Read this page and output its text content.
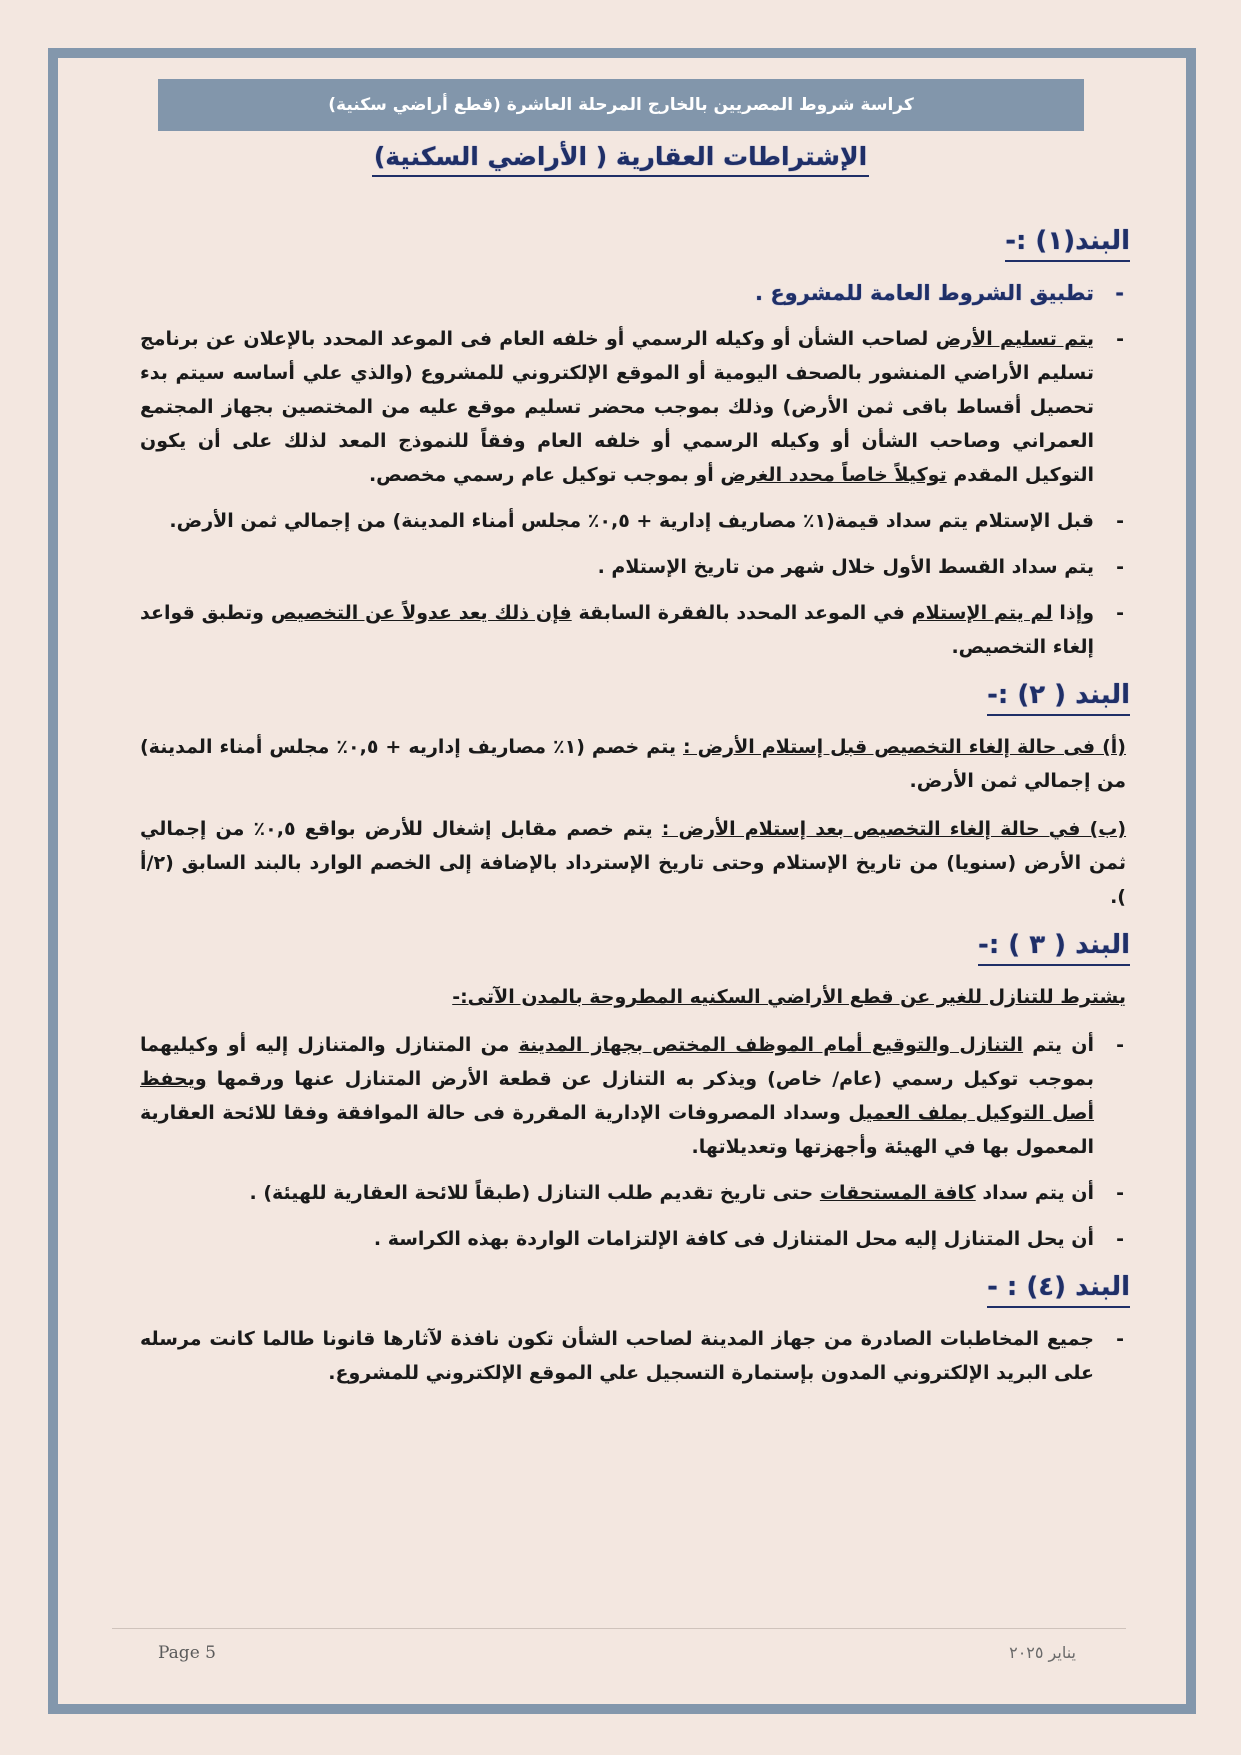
كراسة شروط المصريين بالخارج المرحلة العاشرة (قطع أراضي سكنية)
الإشتراطات العقارية ( الأراضي السكنية)
البند(١) :-
- تطبيق الشروط العامة للمشروع .
- يتم تسليم الأرض لصاحب الشأن أو وكيله الرسمي أو خلفه العام فى الموعد المحدد بالإعلان عن برنامج تسليم الأراضي المنشور بالصحف اليومية أو الموقع الإلكتروني للمشروع (والذي علي أساسه سيتم بدء تحصيل أقساط باقى ثمن الأرض) وذلك بموجب محضر تسليم موقع عليه من المختصين بجهاز المجتمع العمراني وصاحب الشأن أو وكيله الرسمي أو خلفه العام وفقاً للنموذج المعد لذلك على أن يكون التوكيل المقدم توكيلاً خاصاً محدد الغرض أو بموجب توكيل عام رسمي مخصص.
- قبل الإستلام يتم سداد قيمة(١٪ مصاريف إدارية + ٠,٥٪ مجلس أمناء المدينة) من إجمالي ثمن الأرض.
- يتم سداد القسط الأول خلال شهر من تاريخ الإستلام .
- وإذا لم يتم الإستلام في الموعد المحدد بالفقرة السابقة فإن ذلك يعد عدولاً عن التخصيص وتطبق قواعد إلغاء التخصيص.
البند ( ٢) :-
(أ) فى حالة إلغاء التخصيص قبل إستلام الأرض : يتم خصم (١٪ مصاريف إداريه + ٠,٥٪ مجلس أمناء المدينة) من إجمالي ثمن الأرض.
(ب) في حالة إلغاء التخصيص بعد إستلام الأرض : يتم خصم مقابل إشغال للأرض بواقع ٠,٥٪ من إجمالي ثمن الأرض (سنويا) من تاريخ الإستلام وحتى تاريخ الإسترداد بالإضافة إلى الخصم الوارد بالبند السابق (٢/أ ).
البند ( ٣ ) :-
يشترط للتنازل للغير عن قطع الأراضي السكنيه المطروحة بالمدن الآتى:-
- أن يتم التنازل والتوقيع أمام الموظف المختص بجهاز المدينة من المتنازل والمتنازل إليه أو وكيليهما بموجب توكيل رسمي (عام/ خاص) ويذكر به التنازل عن قطعة الأرض المتنازل عنها ورقمها ويحفظ أصل التوكيل بملف العميل وسداد المصروفات الإدارية المقررة فى حالة الموافقة وفقا للائحة العقارية المعمول بها في الهيئة وأجهزتها وتعديلاتها.
- أن يتم سداد كافة المستحقات حتى تاريخ تقديم طلب التنازل (طبقاً للائحة العقارية للهيئة) .
- أن يحل المتنازل إليه محل المتنازل فى كافة الإلتزامات الواردة بهذه الكراسة .
البند (٤) : -
- جميع المخاطبات الصادرة من جهاز المدينة لصاحب الشأن تكون نافذة لآثارها قانونا طالما كانت مرسله على البريد الإلكتروني المدون بإستمارة التسجيل علي الموقع الإلكتروني للمشروع.
Page 5	يناير ٢٠٢٥
